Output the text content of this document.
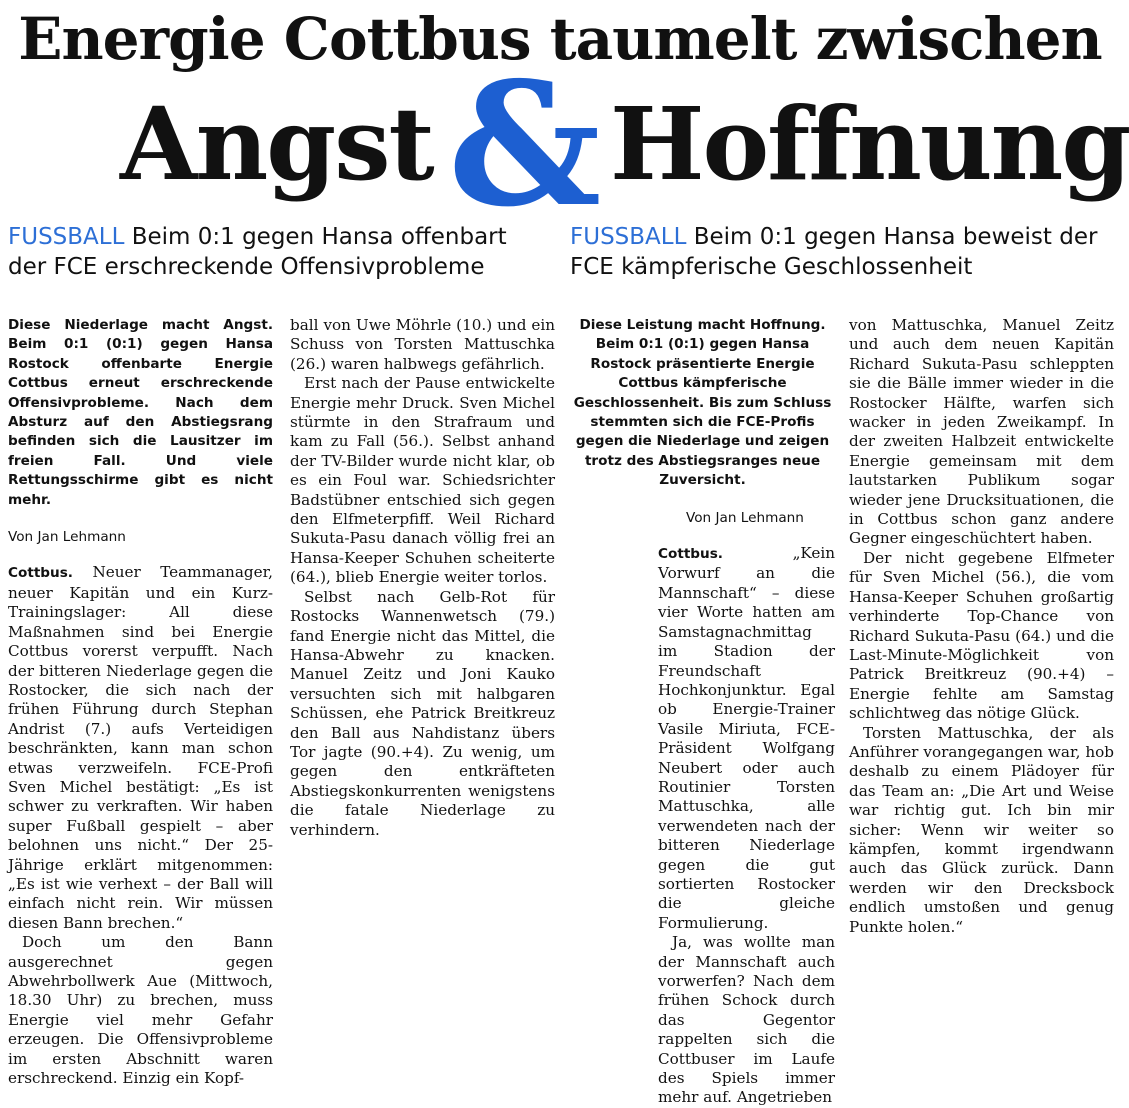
Energie Cottbus taumelt zwischen
Angst & Hoffnung
FUSSBALL Beim 0:1 gegen Hansa offenbart der FCE erschreckende Offensivprobleme
FUSSBALL Beim 0:1 gegen Hansa beweist der FCE kämpferische Geschlossenheit

Diese Niederlage macht Angst. Beim 0:1 (0:1) gegen Hansa Rostock offenbarte Energie Cottbus erneut erschreckende Offensivprobleme. Nach dem Absturz auf den Abstiegsrang befinden sich die Lausitzer im freien Fall. Und viele Rettungsschirme gibt es nicht mehr.

Von Jan Lehmann

Cottbus. Neuer Teammanager, neuer Kapitän und ein Kurz-Trainingslager: All diese Maßnahmen sind bei Energie Cottbus vorerst verpufft. Nach der bitteren Niederlage gegen die Rostocker, die sich nach der frühen Führung durch Stephan Andrist (7.) aufs Verteidigen beschränkten, kann man schon etwas verzweifeln. FCE-Profi Sven Michel bestätigt: „Es ist schwer zu verkraften. Wir haben super Fußball gespielt – aber belohnen uns nicht.“ Der 25-Jährige erklärt mitgenommen: „Es ist wie verhext – der Ball will einfach nicht rein. Wir müssen diesen Bann brechen.“

Doch um den Bann ausgerechnet gegen Abwehrbollwerk Aue (Mittwoch, 18.30 Uhr) zu brechen, muss Energie viel mehr Gefahr erzeugen. Die Offensivprobleme im ersten Abschnitt waren erschreckend. Einzig ein Kopf-

ball von Uwe Möhrle (10.) und ein Schuss von Torsten Mattuschka (26.) waren halbwegs gefährlich.

Erst nach der Pause entwickelte Energie mehr Druck. Sven Michel stürmte in den Strafraum und kam zu Fall (56.). Selbst anhand der TV-Bilder wurde nicht klar, ob es ein Foul war. Schiedsrichter Badstübner entschied sich gegen den Elfmeterpfiff. Weil Richard Sukuta-Pasu danach völlig frei an Hansa-Keeper Schuhen scheiterte (64.), blieb Energie weiter torlos.

Selbst nach Gelb-Rot für Rostocks Wannenwetsch (79.) fand Energie nicht das Mittel, die Hansa-Abwehr zu knacken. Manuel Zeitz und Joni Kauko versuchten sich mit halbgaren Schüssen, ehe Patrick Breitkreuz den Ball aus Nahdistanz übers Tor jagte (90.+4). Zu wenig, um gegen den entkräfteten Abstiegskonkurrenten wenigstens die fatale Niederlage zu verhindern.

Diese Leistung macht Hoffnung. Beim 0:1 (0:1) gegen Hansa Rostock präsentierte Energie Cottbus kämpferische Geschlossenheit. Bis zum Schluss stemmten sich die FCE-Profis gegen die Niederlage und zeigen trotz des Abstiegsranges neue Zuversicht.

Von Jan Lehmann

Cottbus.	„Kein Vorwurf an die Mannschaft“ – diese vier Worte hatten am Samstagnachmittag im Stadion der Freundschaft Hochkonjunktur. Egal ob Energie-Trainer Vasile Miriuta, FCE-Präsident Wolfgang Neubert oder auch Routinier Torsten Mattuschka, alle verwendeten nach der bitteren Niederlage gegen die gut sortierten Rostocker die gleiche Formulierung.

Ja, was wollte man der Mannschaft auch vorwerfen? Nach dem frühen Schock durch das Gegentor rappelten sich die Cottbuser im Laufe des Spiels immer mehr auf. Angetrieben

von Mattuschka, Manuel Zeitz und auch dem neuen Kapitän Richard Sukuta-Pasu schleppten sie die Bälle immer wieder in die Rostocker Hälfte, warfen sich wacker in jeden Zweikampf. In der zweiten Halbzeit entwickelte Energie gemeinsam mit dem lautstarken Publikum sogar wieder jene Drucksituationen, die in Cottbus schon ganz andere Gegner eingeschüchtert haben.

Der nicht gegebene Elfmeter für Sven Michel (56.), die vom Hansa-Keeper Schuhen großartig verhinderte Top-Chance von Richard Sukuta-Pasu (64.) und die Last-Minute-Möglichkeit von Patrick Breitkreuz (90.+4) – Energie fehlte am Samstag schlichtweg das nötige Glück.

Torsten Mattuschka, der als Anführer vorangegangen war, hob deshalb zu einem Plädoyer für das Team an: „Die Art und Weise war richtig gut. Ich bin mir sicher: Wenn wir weiter so kämpfen, kommt irgendwann auch das Glück zurück. Dann werden wir den Drecksbock endlich umstoßen und genug Punkte holen.“
